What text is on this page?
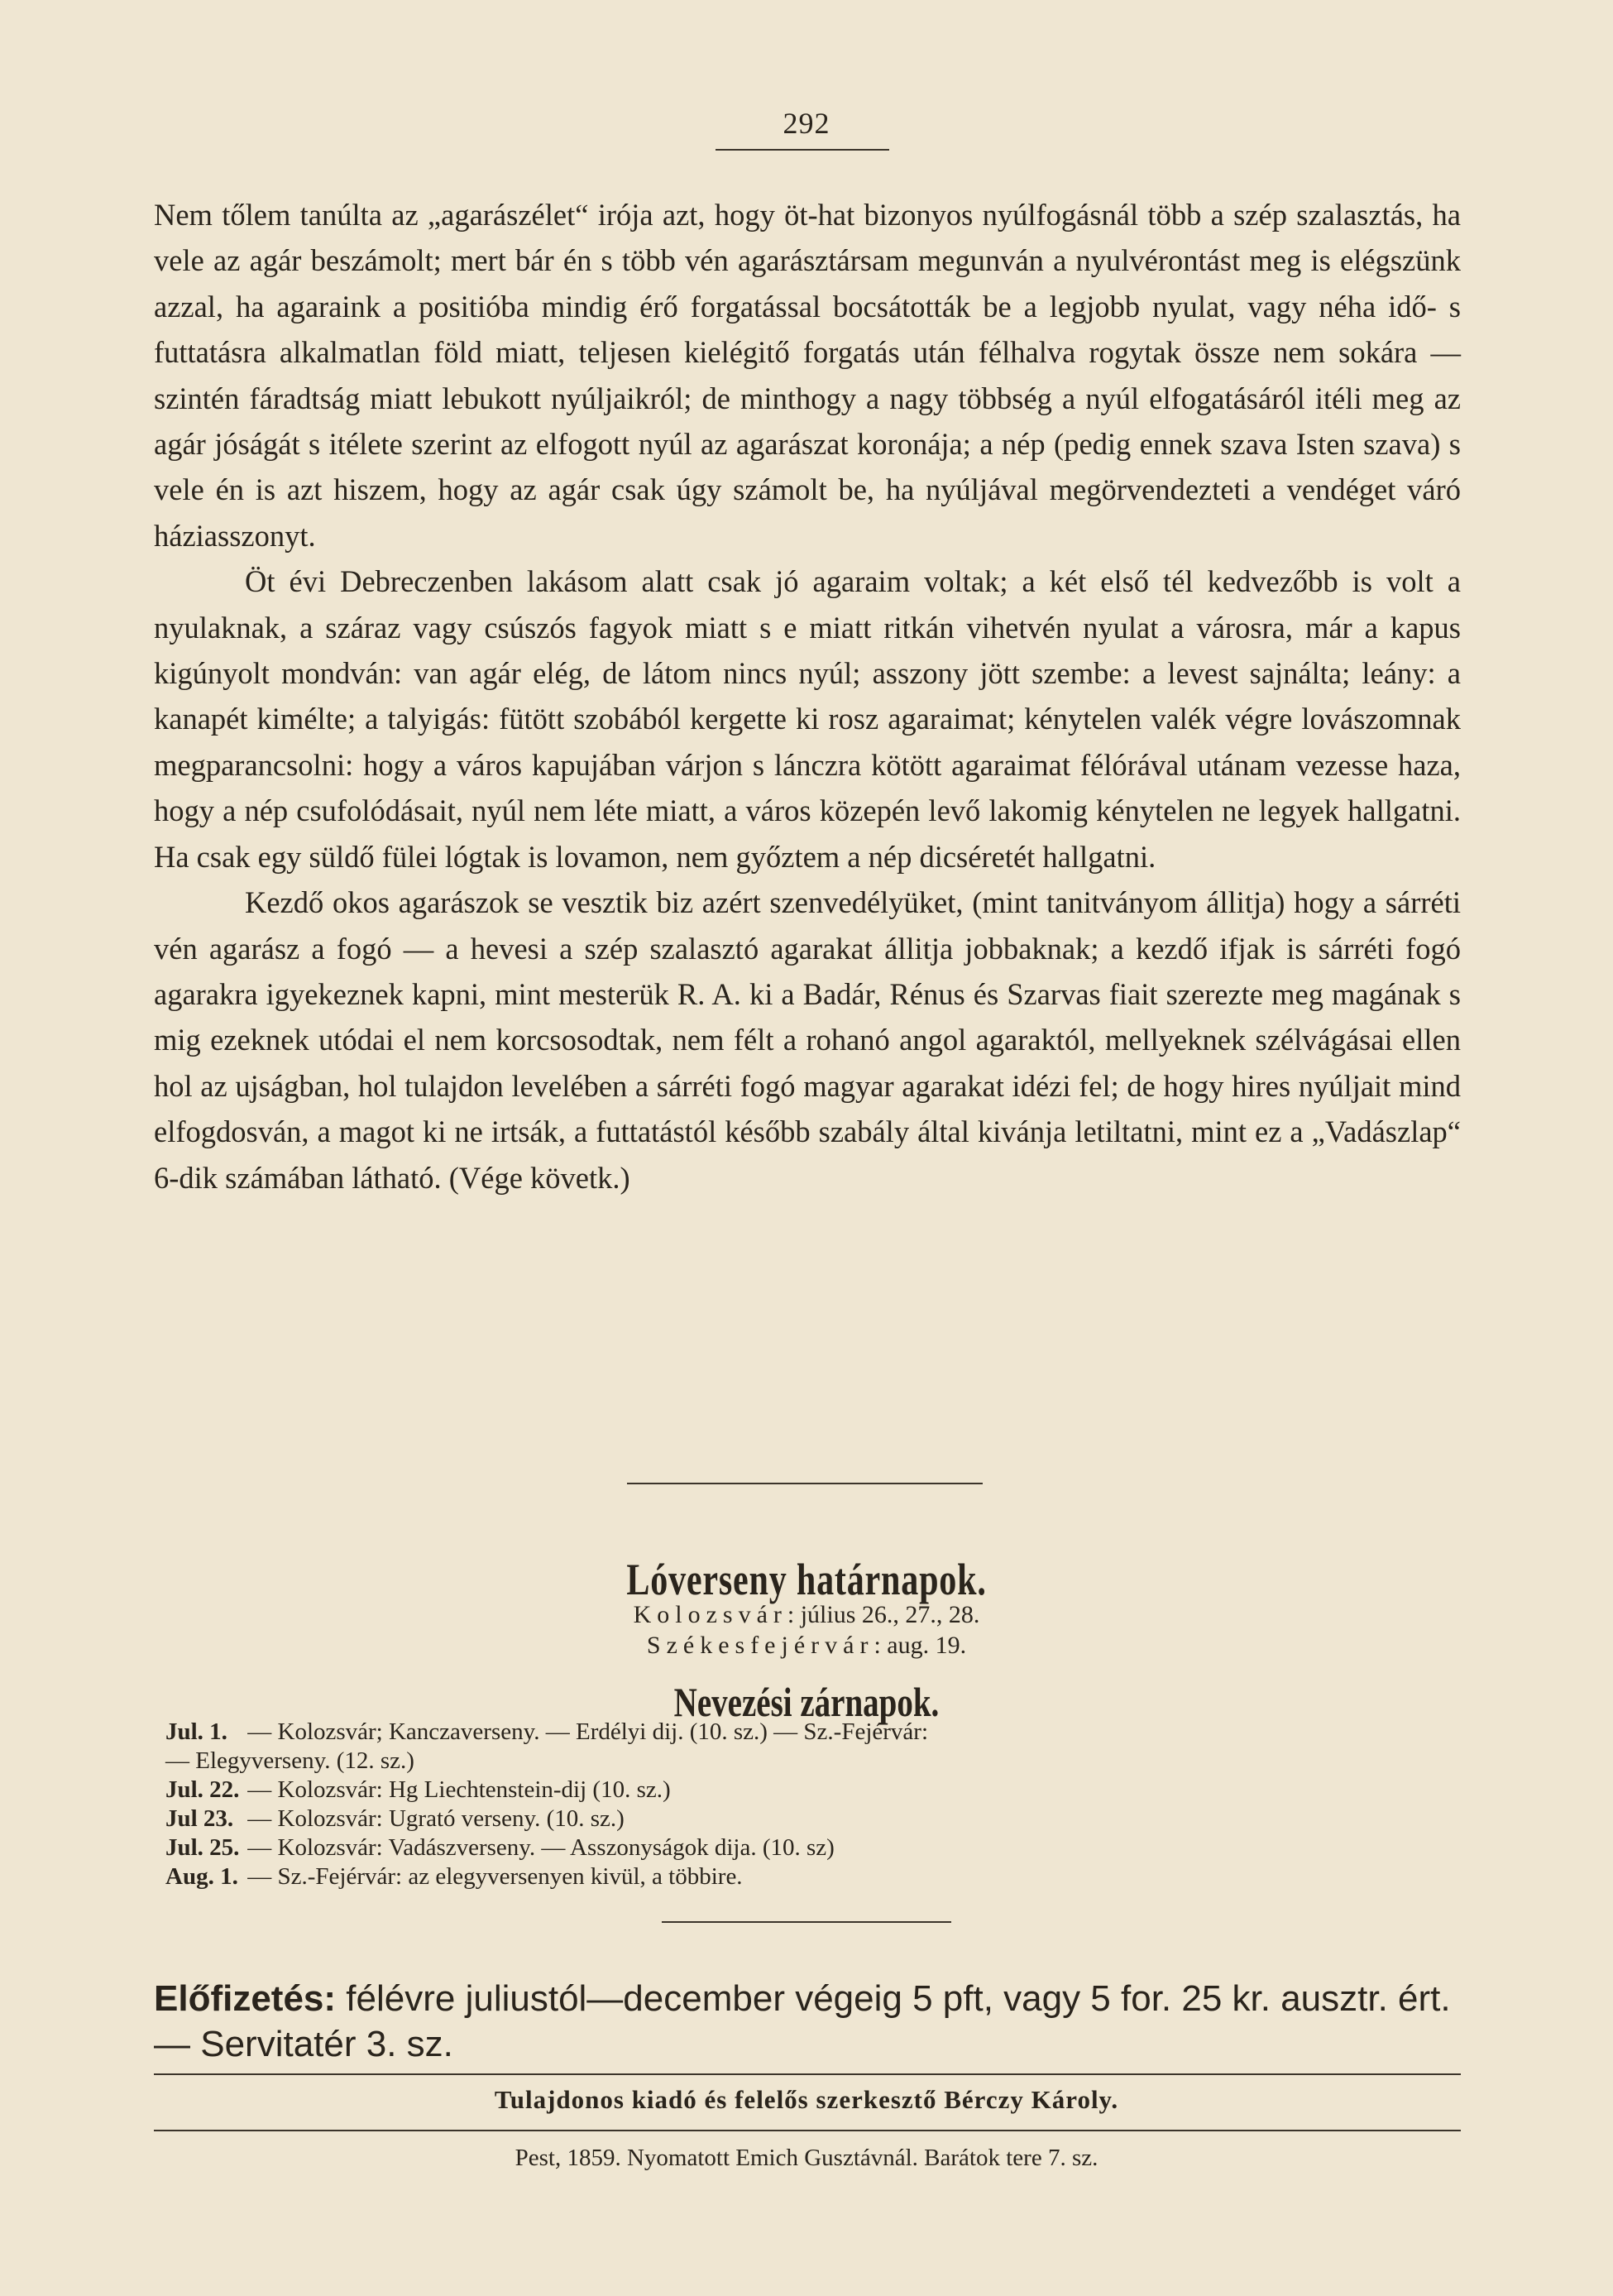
292

Nem tőlem tanúlta az „agarászélet“ irója azt, hogy öt-hat bizonyos nyúlfogásnál több a szép szalasztás, ha vele az agár beszámolt; mert bár én s több vén agarásztársam megunván a nyulvérontást meg is elégszünk azzal, ha agaraink a positióba mindig érő forgatással bocsátották be a legjobb nyulat, vagy néha idő- s futtatásra alkalmatlan föld miatt, teljesen kielégitő forgatás után félhalva rogytak össze nem sokára — szintén fáradtság miatt lebukott nyúljaikról; de minthogy a nagy többség a nyúl elfogatásáról itéli meg az agár jóságát s itélete szerint az elfogott nyúl az agarászat koronája; a nép (pedig ennek szava Isten szava) s vele én is azt hiszem, hogy az agár csak úgy számolt be, ha nyúljával megörvendezteti a vendéget váró háziasszonyt.

Öt évi Debreczenben lakásom alatt csak jó agaraim voltak; a két első tél kedvezőbb is volt a nyulaknak, a száraz vagy csúszós fagyok miatt s e miatt ritkán vihetvén nyulat a városra, már a kapus kigúnyolt mondván: van agár elég, de látom nincs nyúl; asszony jött szembe: a levest sajnálta; leány: a kanapét kimélte; a talyigás: fütött szobából kergette ki rosz agaraimat; kénytelen valék végre lovászomnak megparancsolni: hogy a város kapujában várjon s lánczra kötött agaraimat félórával utánam vezesse haza, hogy a nép csufolódásait, nyúl nem léte miatt, a város közepén levő lakomig kénytelen ne legyek hallgatni. Ha csak egy süldő fülei lógtak is lovamon, nem győztem a nép dicséretét hallgatni.

Kezdő okos agarászok se vesztik biz azért szenvedélyüket, (mint tanitványom állitja) hogy a sárréti vén agarász a fogó — a hevesi a szép szalasztó agarakat állitja jobbaknak; a kezdő ifjak is sárréti fogó agarakra igyekeznek kapni, mint mesterük R. A. ki a Badár, Rénus és Szarvas fiait szerezte meg magának s mig ezeknek utódai el nem korcsosodtak, nem félt a rohanó angol agaraktól, mellyeknek szélvágásai ellen hol az ujságban, hol tulajdon levelében a sárréti fogó magyar agarakat idézi fel; de hogy hires nyúljait mind elfogdosván, a magot ki ne irtsák, a futtatástól később szabály által kivánja letiltatni, mint ez a „Vadászlap“ 6-dik számában látható. (Vége követk.)

Lóverseny határnapok.
Kolozsvár: július 26., 27., 28.
Székesfejérvár: aug. 19.
Nevezési zárnapok.
Jul. 1. — Kolozsvár; Kanczaverseny. — Erdélyi dij. (10. sz.) — Sz.-Fejérvár:
— Elegyverseny. (12. sz.)
Jul. 22. — Kolozsvár: Hg Liechtenstein-dij (10. sz.)
Jul 23. — Kolozsvár: Ugrató verseny. (10. sz.)
Jul. 25. — Kolozsvár: Vadászverseny. — Asszonyságok dija. (10. sz)
Aug. 1. — Sz.-Fejérvár: az elegyversenyen kivül, a többire.
Előfizetés: félévre juliustól—december végeig 5 pft, vagy 5 for. 25 kr. ausztr. ért. — Servitatér 3. sz.
Tulajdonos kiadó és felelős szerkesztő Bérczy Károly.
Pest, 1859. Nyomatott Emich Gusztávnál. Barátok tere 7. sz.
